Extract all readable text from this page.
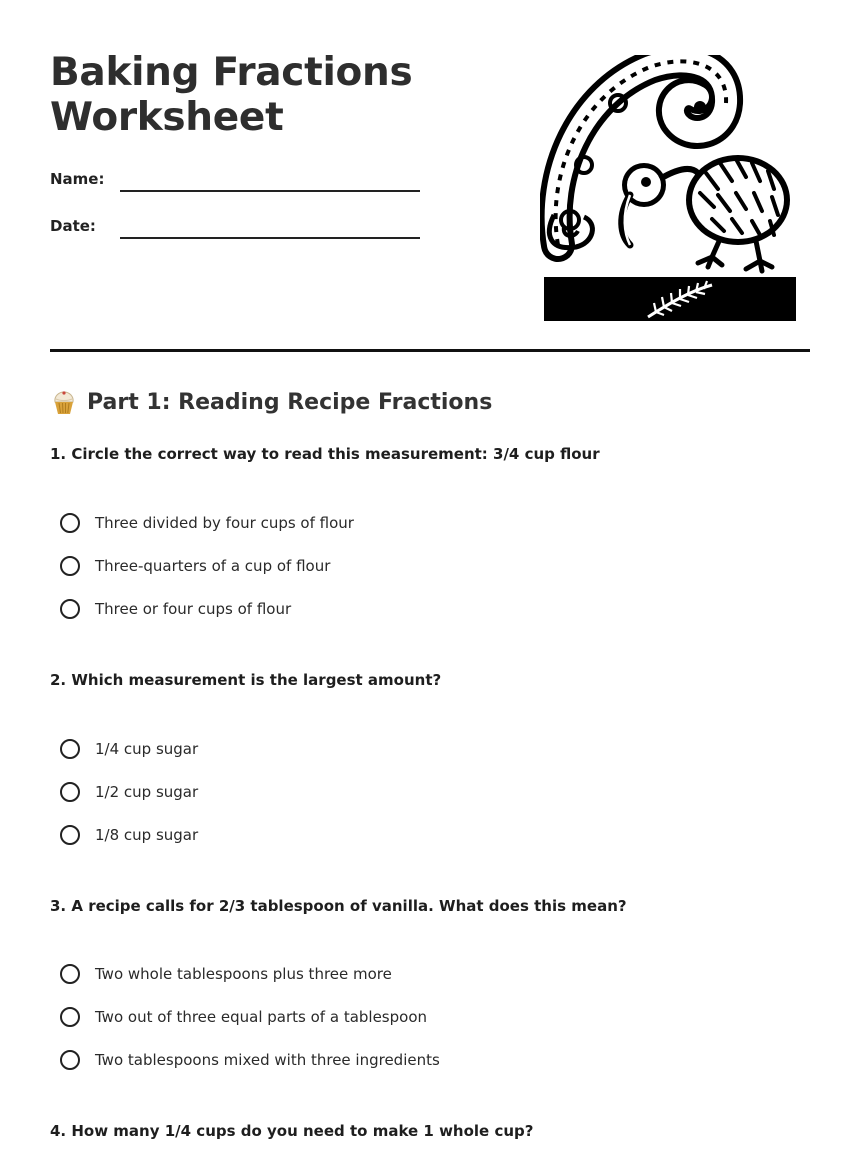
Baking Fractions
Worksheet
Name:
Date:
Part 1: Reading Recipe Fractions
1. Circle the correct way to read this measurement: 3/4 cup flour
Three divided by four cups of flour
Three-quarters of a cup of flour
Three or four cups of flour
2. Which measurement is the largest amount?
1/4 cup sugar
1/2 cup sugar
1/8 cup sugar
3. A recipe calls for 2/3 tablespoon of vanilla. What does this mean?
Two whole tablespoons plus three more
Two out of three equal parts of a tablespoon
Two tablespoons mixed with three ingredients
4. How many 1/4 cups do you need to make 1 whole cup?
